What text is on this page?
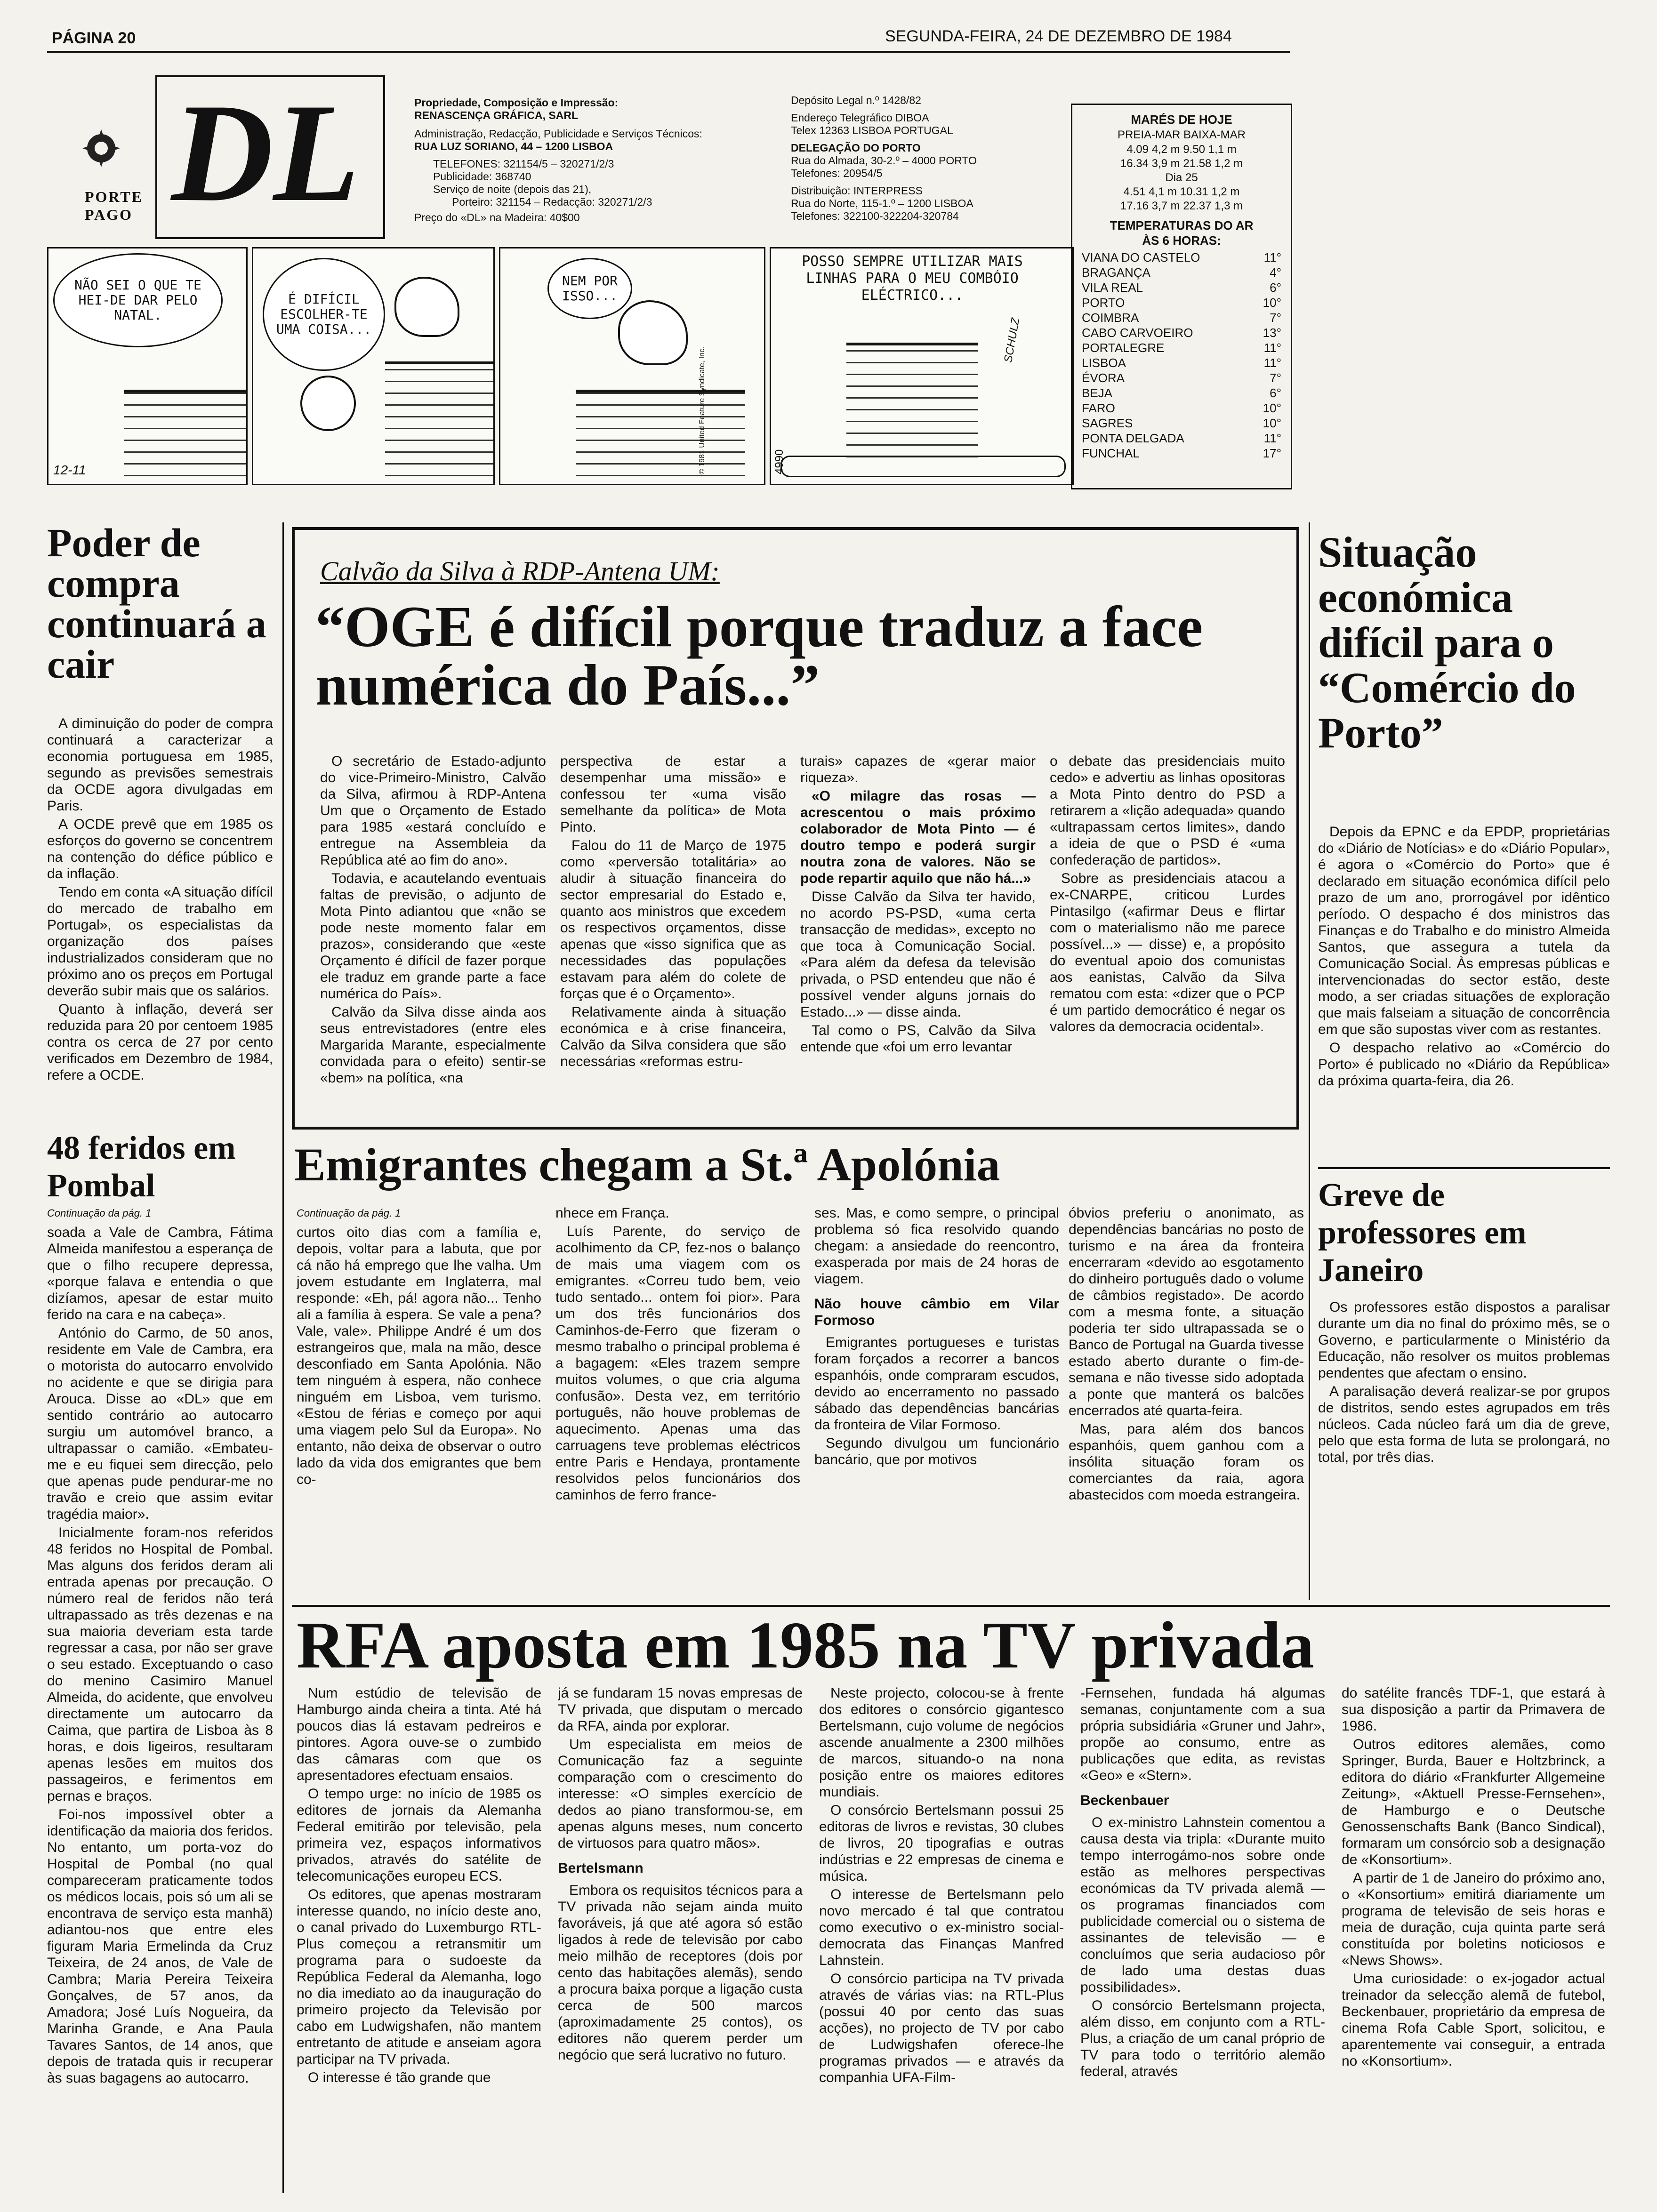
PÁGINA 20	SEGUNDA-FEIRA, 24 DE DEZEMBRO DE 1984
PORTE
PAGO DL	Propriedade, Composição e Impressão:
RENASCENÇA GRÁFICA, SARL
Administração, Redacção, Publicidade e Serviços Técnicos:
RUA LUZ SORIANO, 44 – 1200 LISBOA
TELEFONES: 321154/5 – 320271/2/3
Publicidade: 368740
Serviço de noite (depois das 21),
Porteiro: 321154 – Redacção: 320271/2/3
Preço do «DL» na Madeira: 40$00
Depósito Legal n.º 1428/82
Endereço Telegráfico DIBOA
Telex 12363 LISBOA PORTUGAL
DELEGAÇÃO DO PORTO
Rua do Almada, 30-2.º – 4000 PORTO
Telefones: 20954/5
Distribuição: INTERPRESS
Rua do Norte, 115-1.º – 1200 LISBOA
Telefones: 322100-322204-320784
NÃO SEI O QUE TE HEI-DE DAR PELO NATAL.
12-11
É DIFÍCIL ESCOLHER-TE UMA COISA...
NEM POR ISSO...
© 1981 United Feature Syndicate, Inc.
POSSO SEMPRE UTILIZAR MAIS LINHAS PARA O MEU COMBÓIO ELÉCTRICO...
SCHULZ
4990
MARÉS DE HOJE
PREIA-MAR BAIXA-MAR
4.09 4,2 m 9.50 1,1 m
16.34 3,9 m 21.58 1,2 m
Dia 25
4.51 4,1 m 10.31 1,2 m
17.16 3,7 m 22.37 1,3 m
TEMPERATURAS DO AR
ÀS 6 HORAS:
VIANA DO CASTELO	11°
BRAGANÇA	4°
VILA REAL	6°
PORTO	10°
COIMBRA	7°
CABO CARVOEIRO	13°
PORTALEGRE	11°
LISBOA	11°
ÉVORA	7°
BEJA	6°
FARO	10°
SAGRES	10°
PONTA DELGADA	11°
FUNCHAL	17°
Poder de compra continuará a cair

A diminuição do poder de compra continuará a caracterizar a economia portuguesa em 1985, segundo as previsões semestrais da OCDE agora divulgadas em Paris.

A OCDE prevê que em 1985 os esforços do governo se concentrem na contenção do défice público e da inflação.

Tendo em conta «A situação difícil do mercado de trabalho em Portugal», os especialistas da organização dos países industrializados consideram que no próximo ano os preços em Portugal deverão subir mais que os salários.

Quanto à inflação, deverá ser reduzida para 20 por centoem 1985 contra os cerca de 27 por cento verificados em Dezembro de 1984, refere a OCDE.

Calvão da Silva à RDP-Antena UM:
“OGE é difícil porque traduz a face numérica do País...”

O secretário de Estado-adjunto do vice-Primeiro-Ministro, Calvão da Silva, afirmou à RDP-Antena Um que o Orçamento de Estado para 1985 «estará concluído e entregue na Assembleia da República até ao fim do ano».

Todavia, e acautelando eventuais faltas de previsão, o adjunto de Mota Pinto adiantou que «não se pode neste momento falar em prazos», considerando que «este Orçamento é difícil de fazer porque ele traduz em grande parte a face numérica do País».

Calvão da Silva disse ainda aos seus entrevistadores (entre eles Margarida Marante, especialmente convidada para o efeito) sentir-se «bem» na política, «na

perspectiva de estar a desempenhar uma missão» e confessou ter «uma visão semelhante da política» de Mota Pinto.

Falou do 11 de Março de 1975 como «perversão totalitária» ao aludir à situação financeira do sector empresarial do Estado e, quanto aos ministros que excedem os respectivos orçamentos, disse apenas que «isso significa que as necessidades das populações estavam para além do colete de forças que é o Orçamento».

Relativamente ainda à situação económica e à crise financeira, Calvão da Silva considera que são necessárias «reformas estru-

turais» capazes de «gerar maior riqueza».

«O milagre das rosas — acrescentou o mais próximo colaborador de Mota Pinto — é doutro tempo e poderá surgir noutra zona de valores. Não se pode repartir aquilo que não há...»

Disse Calvão da Silva ter havido, no acordo PS-PSD, «uma certa transacção de medidas», excepto no que toca à Comunicação Social. «Para além da defesa da televisão privada, o PSD entendeu que não é possível vender alguns jornais do Estado...» — disse ainda.

Tal como o PS, Calvão da Silva entende que «foi um erro levantar

o debate das presidenciais muito cedo» e advertiu as linhas opositoras a Mota Pinto dentro do PSD a retirarem a «lição adequada» quando «ultrapassam certos limites», dando a ideia de que o PSD é «uma confederação de partidos».

Sobre as presidenciais atacou a ex-CNARPE, criticou Lurdes Pintasilgo («afirmar Deus e flirtar com o materialismo não me parece possível...» — disse) e, a propósito do eventual apoio dos comunistas aos eanistas, Calvão da Silva rematou com esta: «dizer que o PCP é um partido democrático é negar os valores da democracia ocidental».

Situação económica difícil para o “Comércio do Porto”

Depois da EPNC e da EPDP, proprietárias do «Diário de Notícias» e do «Diário Popular», é agora o «Comércio do Porto» que é declarado em situação económica difícil pelo prazo de um ano, prorrogável por idêntico período. O despacho é dos ministros das Finanças e do Trabalho e do ministro Almeida Santos, que assegura a tutela da Comunicação Social. Às empresas públicas e intervencionadas do sector estão, deste modo, a ser criadas situações de exploração que mais falseiam a situação de concorrência em que são supostas viver com as restantes.

O despacho relativo ao «Comércio do Porto» é publicado no «Diário da República» da próxima quarta-feira, dia 26.

Greve de professores em Janeiro

Os professores estão dispostos a paralisar durante um dia no final do próximo mês, se o Governo, e particularmente o Ministério da Educação, não resolver os muitos problemas pendentes que afectam o ensino.

A paralisação deverá realizar-se por grupos de distritos, sendo estes agrupados em três núcleos. Cada núcleo fará um dia de greve, pelo que esta forma de luta se prolongará, no total, por três dias.

48 feridos em Pombal

Continuação da pág. 1

soada a Vale de Cambra, Fátima Almeida manifestou a esperança de que o filho recupere depressa, «porque falava e entendia o que dizíamos, apesar de estar muito ferido na cara e na cabeça».

António do Carmo, de 50 anos, residente em Vale de Cambra, era o motorista do autocarro envolvido no acidente e que se dirigia para Arouca. Disse ao «DL» que em sentido contrário ao autocarro surgiu um automóvel branco, a ultrapassar o camião. «Embateu-me e eu fiquei sem direcção, pelo que apenas pude pendurar-me no travão e creio que assim evitar tragédia maior».

Inicialmente foram-nos referidos 48 feridos no Hospital de Pombal. Mas alguns dos feridos deram ali entrada apenas por precaução. O número real de feridos não terá ultrapassado as três dezenas e na sua maioria deveriam esta tarde regressar a casa, por não ser grave o seu estado. Exceptuando o caso do menino Casimiro Manuel Almeida, do acidente, que envolveu directamente um autocarro da Caima, que partira de Lisboa às 8 horas, e dois ligeiros, resultaram apenas lesões em muitos dos passageiros, e ferimentos em pernas e braços.

Foi-nos impossível obter a identificação da maioria dos feridos. No entanto, um porta-voz do Hospital de Pombal (no qual compareceram praticamente todos os médicos locais, pois só um ali se encontrava de serviço esta manhã) adiantou-nos que entre eles figuram Maria Ermelinda da Cruz Teixeira, de 24 anos, de Vale de Cambra; Maria Pereira Teixeira Gonçalves, de 57 anos, da Amadora; José Luís Nogueira, da Marinha Grande, e Ana Paula Tavares Santos, de 14 anos, que depois de tratada quis ir recuperar às suas bagagens ao autocarro.

Emigrantes chegam a St.ª Apolónia

Continuação da pág. 1

curtos oito dias com a família e, depois, voltar para a labuta, que por cá não há emprego que lhe valha. Um jovem estudante em Inglaterra, mal responde: «Eh, pá! agora não... Tenho ali a família à espera. Se vale a pena? Vale, vale». Philippe André é um dos estrangeiros que, mala na mão, desce desconfiado em Santa Apolónia. Não tem ninguém à espera, não conhece ninguém em Lisboa, vem turismo. «Estou de férias e começo por aqui uma viagem pelo Sul da Europa». No entanto, não deixa de observar o outro lado da vida dos emigrantes que bem co-

nhece em França.

Luís Parente, do serviço de acolhimento da CP, fez-nos o balanço de mais uma viagem com os emigrantes. «Correu tudo bem, veio tudo sentado... ontem foi pior». Para um dos três funcionários dos Caminhos-de-Ferro que fizeram o mesmo trabalho o principal problema é a bagagem: «Eles trazem sempre muitos volumes, o que cria alguma confusão». Desta vez, em território português, não houve problemas de aquecimento. Apenas uma das carruagens teve problemas eléctricos entre Paris e Hendaya, prontamente resolvidos pelos funcionários dos caminhos de ferro france-

ses. Mas, e como sempre, o principal problema só fica resolvido quando chegam: a ansiedade do reencontro, exasperada por mais de 24 horas de viagem.

Não houve câmbio em Vilar Formoso

Emigrantes portugueses e turistas foram forçados a recorrer a bancos espanhóis, onde compraram escudos, devido ao encerramento no passado sábado das dependências bancárias da fronteira de Vilar Formoso.

Segundo divulgou um funcionário bancário, que por motivos

óbvios preferiu o anonimato, as dependências bancárias no posto de turismo e na área da fronteira encerraram «devido ao esgotamento do dinheiro português dado o volume de câmbios registado». De acordo com a mesma fonte, a situação poderia ter sido ultrapassada se o Banco de Portugal na Guarda tivesse estado aberto durante o fim-de-semana e não tivesse sido adoptada a ponte que manterá os balcões encerrados até quarta-feira.

Mas, para além dos bancos espanhóis, quem ganhou com a insólita situação foram os comerciantes da raia, agora abastecidos com moeda estrangeira.

RFA aposta em 1985 na TV privada

Num estúdio de televisão de Hamburgo ainda cheira a tinta. Até há poucos dias lá estavam pedreiros e pintores. Agora ouve-se o zumbido das câmaras com que os apresentadores efectuam ensaios.

O tempo urge: no início de 1985 os editores de jornais da Alemanha Federal emitirão por televisão, pela primeira vez, espaços informativos privados, através do satélite de telecomunicações europeu ECS.

Os editores, que apenas mostraram interesse quando, no início deste ano, o canal privado do Luxemburgo RTL-Plus começou a retransmitir um programa para o sudoeste da República Federal da Alemanha, logo no dia imediato ao da inauguração do primeiro projecto da Televisão por cabo em Ludwigshafen, não mantem entretanto de atitude e anseiam agora participar na TV privada.

O interesse é tão grande que

já se fundaram 15 novas empresas de TV privada, que disputam o mercado da RFA, ainda por explorar.

Um especialista em meios de Comunicação faz a seguinte comparação com o crescimento do interesse: «O simples exercício de dedos ao piano transformou-se, em apenas alguns meses, num concerto de virtuosos para quatro mãos».

Bertelsmann

Embora os requisitos técnicos para a TV privada não sejam ainda muito favoráveis, já que até agora só estão ligados à rede de televisão por cabo meio milhão de receptores (dois por cento das habitações alemãs), sendo a procura baixa porque a ligação custa cerca de 500 marcos (aproximadamente 25 contos), os editores não querem perder um negócio que será lucrativo no futuro.

Neste projecto, colocou-se à frente dos editores o consórcio gigantesco Bertelsmann, cujo volume de negócios ascende anualmente a 2300 milhões de marcos, situando-o na nona posição entre os maiores editores mundiais.

O consórcio Bertelsmann possui 25 editoras de livros e revistas, 30 clubes de livros, 20 tipografias e outras indústrias e 22 empresas de cinema e música.

O interesse de Bertelsmann pelo novo mercado é tal que contratou como executivo o ex-ministro social-democrata das Finanças Manfred Lahnstein.

O consórcio participa na TV privada através de várias vias: na RTL-Plus (possui 40 por cento das suas acções), no projecto de TV por cabo de Ludwigshafen oferece-lhe programas privados — e através da companhia UFA-Film-

-Fernsehen, fundada há algumas semanas, conjuntamente com a sua própria subsidiária «Gruner und Jahr», propõe ao consumo, entre as publicações que edita, as revistas «Geo» e «Stern».

Beckenbauer

O ex-ministro Lahnstein comentou a causa desta via tripla: «Durante muito tempo interrogámo-nos sobre onde estão as melhores perspectivas económicas da TV privada alemã — os programas financiados com publicidade comercial ou o sistema de assinantes de televisão — e concluímos que seria audacioso pôr de lado uma destas duas possibilidades».

O consórcio Bertelsmann projecta, além disso, em conjunto com a RTL-Plus, a criação de um canal próprio de TV para todo o território alemão federal, através

do satélite francês TDF-1, que estará à sua disposição a partir da Primavera de 1986.

Outros editores alemães, como Springer, Burda, Bauer e Holtzbrinck, a editora do diário «Frankfurter Allgemeine Zeitung», «Aktuell Presse-Fernsehen», de Hamburgo e o Deutsche Genossenschafts Bank (Banco Sindical), formaram um consórcio sob a designação de «Konsortium».

A partir de 1 de Janeiro do próximo ano, o «Konsortium» emitirá diariamente um programa de televisão de seis horas e meia de duração, cuja quinta parte será constituída por boletins noticiosos e «News Shows».

Uma curiosidade: o ex-jogador actual treinador da selecção alemã de futebol, Beckenbauer, proprietário da empresa de cinema Rofa Cable Sport, solicitou, e aparentemente vai conseguir, a entrada no «Konsortium».
